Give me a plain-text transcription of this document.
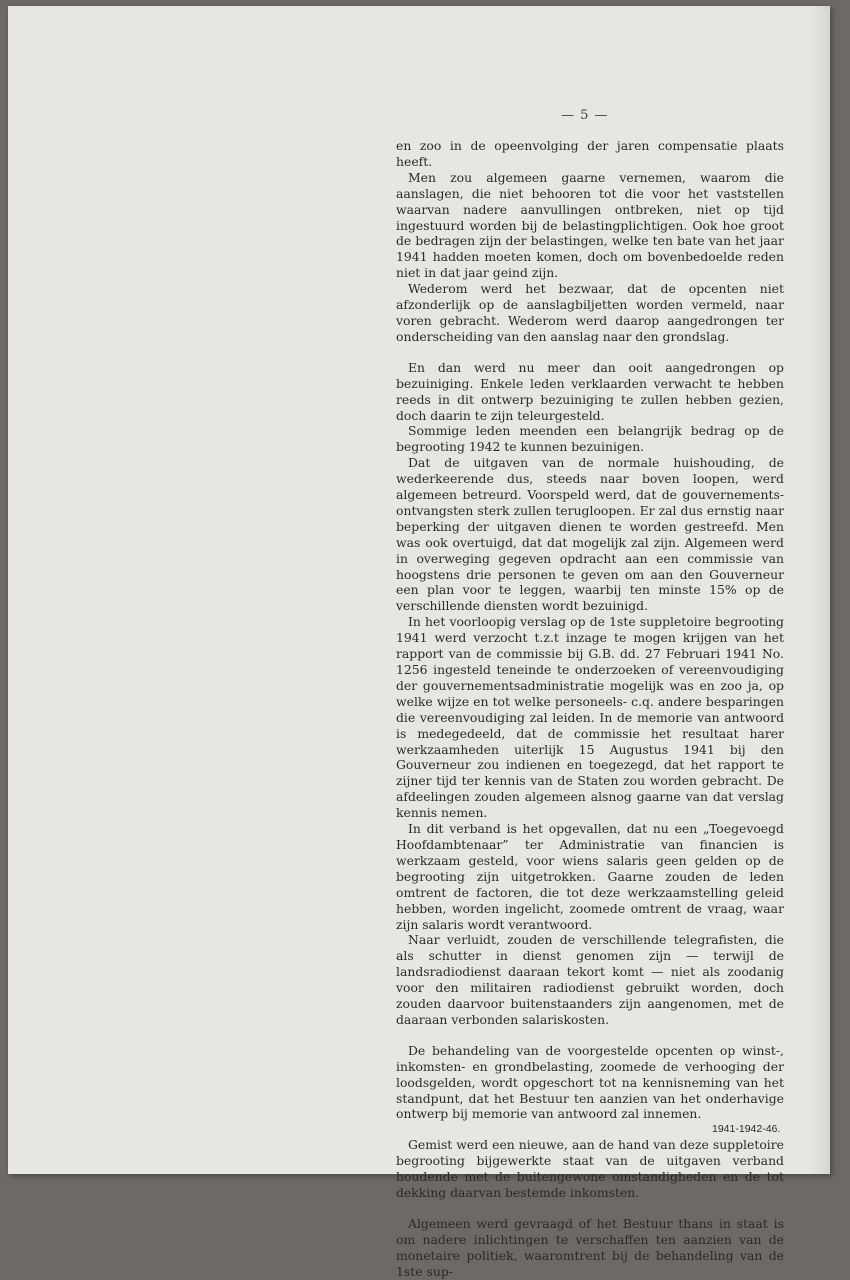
— 5 —

en zoo in de opeenvolging der jaren compensatie plaats heeft.

Men zou algemeen gaarne vernemen, waarom die aanslagen, die niet behooren tot die voor het vaststellen waarvan nadere aanvullingen ontbreken, niet op tijd ingestuurd worden bij de belastingplichtigen. Ook hoe groot de bedragen zijn der belastingen, welke ten bate van het jaar 1941 hadden moeten komen, doch om bovenbedoelde reden niet in dat jaar geind zijn.

Wederom werd het bezwaar, dat de opcenten niet afzonderlijk op de aanslagbiljetten worden vermeld, naar voren gebracht. Wederom werd daarop aangedrongen ter onderscheiding van den aanslag naar den grondslag.

En dan werd nu meer dan ooit aangedrongen op bezuiniging. Enkele leden verklaarden verwacht te hebben reeds in dit ontwerp bezuiniging te zullen hebben gezien, doch daarin te zijn teleurgesteld.

Sommige leden meenden een belangrijk bedrag op de begrooting 1942 te kunnen bezuinigen.

Dat de uitgaven van de normale huishouding, de wederkeerende dus, steeds naar boven loopen, werd algemeen betreurd. Voorspeld werd, dat de gouvernements-ontvangsten sterk zullen terugloopen. Er zal dus ernstig naar beperking der uitgaven dienen te worden gestreefd. Men was ook overtuigd, dat dat mogelijk zal zijn. Algemeen werd in overweging gegeven opdracht aan een commissie van hoogstens drie personen te geven om aan den Gouverneur een plan voor te leggen, waarbij ten minste 15% op de verschillende diensten wordt bezuinigd.

In het voorloopig verslag op de 1ste suppletoire begrooting 1941 werd verzocht t.z.t inzage te mogen krijgen van het rapport van de commissie bij G.B. dd. 27 Februari 1941 No. 1256 ingesteld teneinde te onderzoeken of vereenvoudiging der gouvernementsadministratie mogelijk was en zoo ja, op welke wijze en tot welke personeels- c.q. andere besparingen die vereenvoudiging zal leiden. In de memorie van antwoord is medegedeeld, dat de commissie het resultaat harer werkzaamheden uiterlijk 15 Augustus 1941 bij den Gouverneur zou indienen en toegezegd, dat het rapport te zijner tijd ter kennis van de Staten zou worden gebracht. De afdeelingen zouden algemeen alsnog gaarne van dat verslag kennis nemen.

In dit verband is het opgevallen, dat nu een „Toegevoegd Hoofdambtenaar” ter Administratie van financien is werkzaam gesteld, voor wiens salaris geen gelden op de begrooting zijn uitgetrokken. Gaarne zouden de leden omtrent de factoren, die tot deze werkzaamstelling geleid hebben, worden ingelicht, zoomede omtrent de vraag, waar zijn salaris wordt verantwoord.

Naar verluidt, zouden de verschillende telegrafisten, die als schutter in dienst genomen zijn — terwijl de landsradiodienst daaraan tekort komt — niet als zoodanig voor den militairen radiodienst gebruikt worden, doch zouden daarvoor buitenstaanders zijn aangenomen, met de daaraan verbonden salariskosten.

De behandeling van de voorgestelde opcenten op winst-, inkomsten- en grondbelasting, zoomede de verhooging der loodsgelden, wordt opgeschort tot na kennisneming van het standpunt, dat het Bestuur ten aanzien van het onderhavige ontwerp bij memorie van antwoord zal innemen.

Gemist werd een nieuwe, aan de hand van deze suppletoire begrooting bijgewerkte staat van de uitgaven verband houdende met de buitengewone omstandigheden en de tot dekking daarvan bestemde inkomsten.

Algemeen werd gevraagd of het Bestuur thans in staat is om nadere inlichtingen te verschaffen ten aanzien van de monetaire politiek, waaromtrent bij de behandeling van de 1ste sup-

1941-1942-46.
